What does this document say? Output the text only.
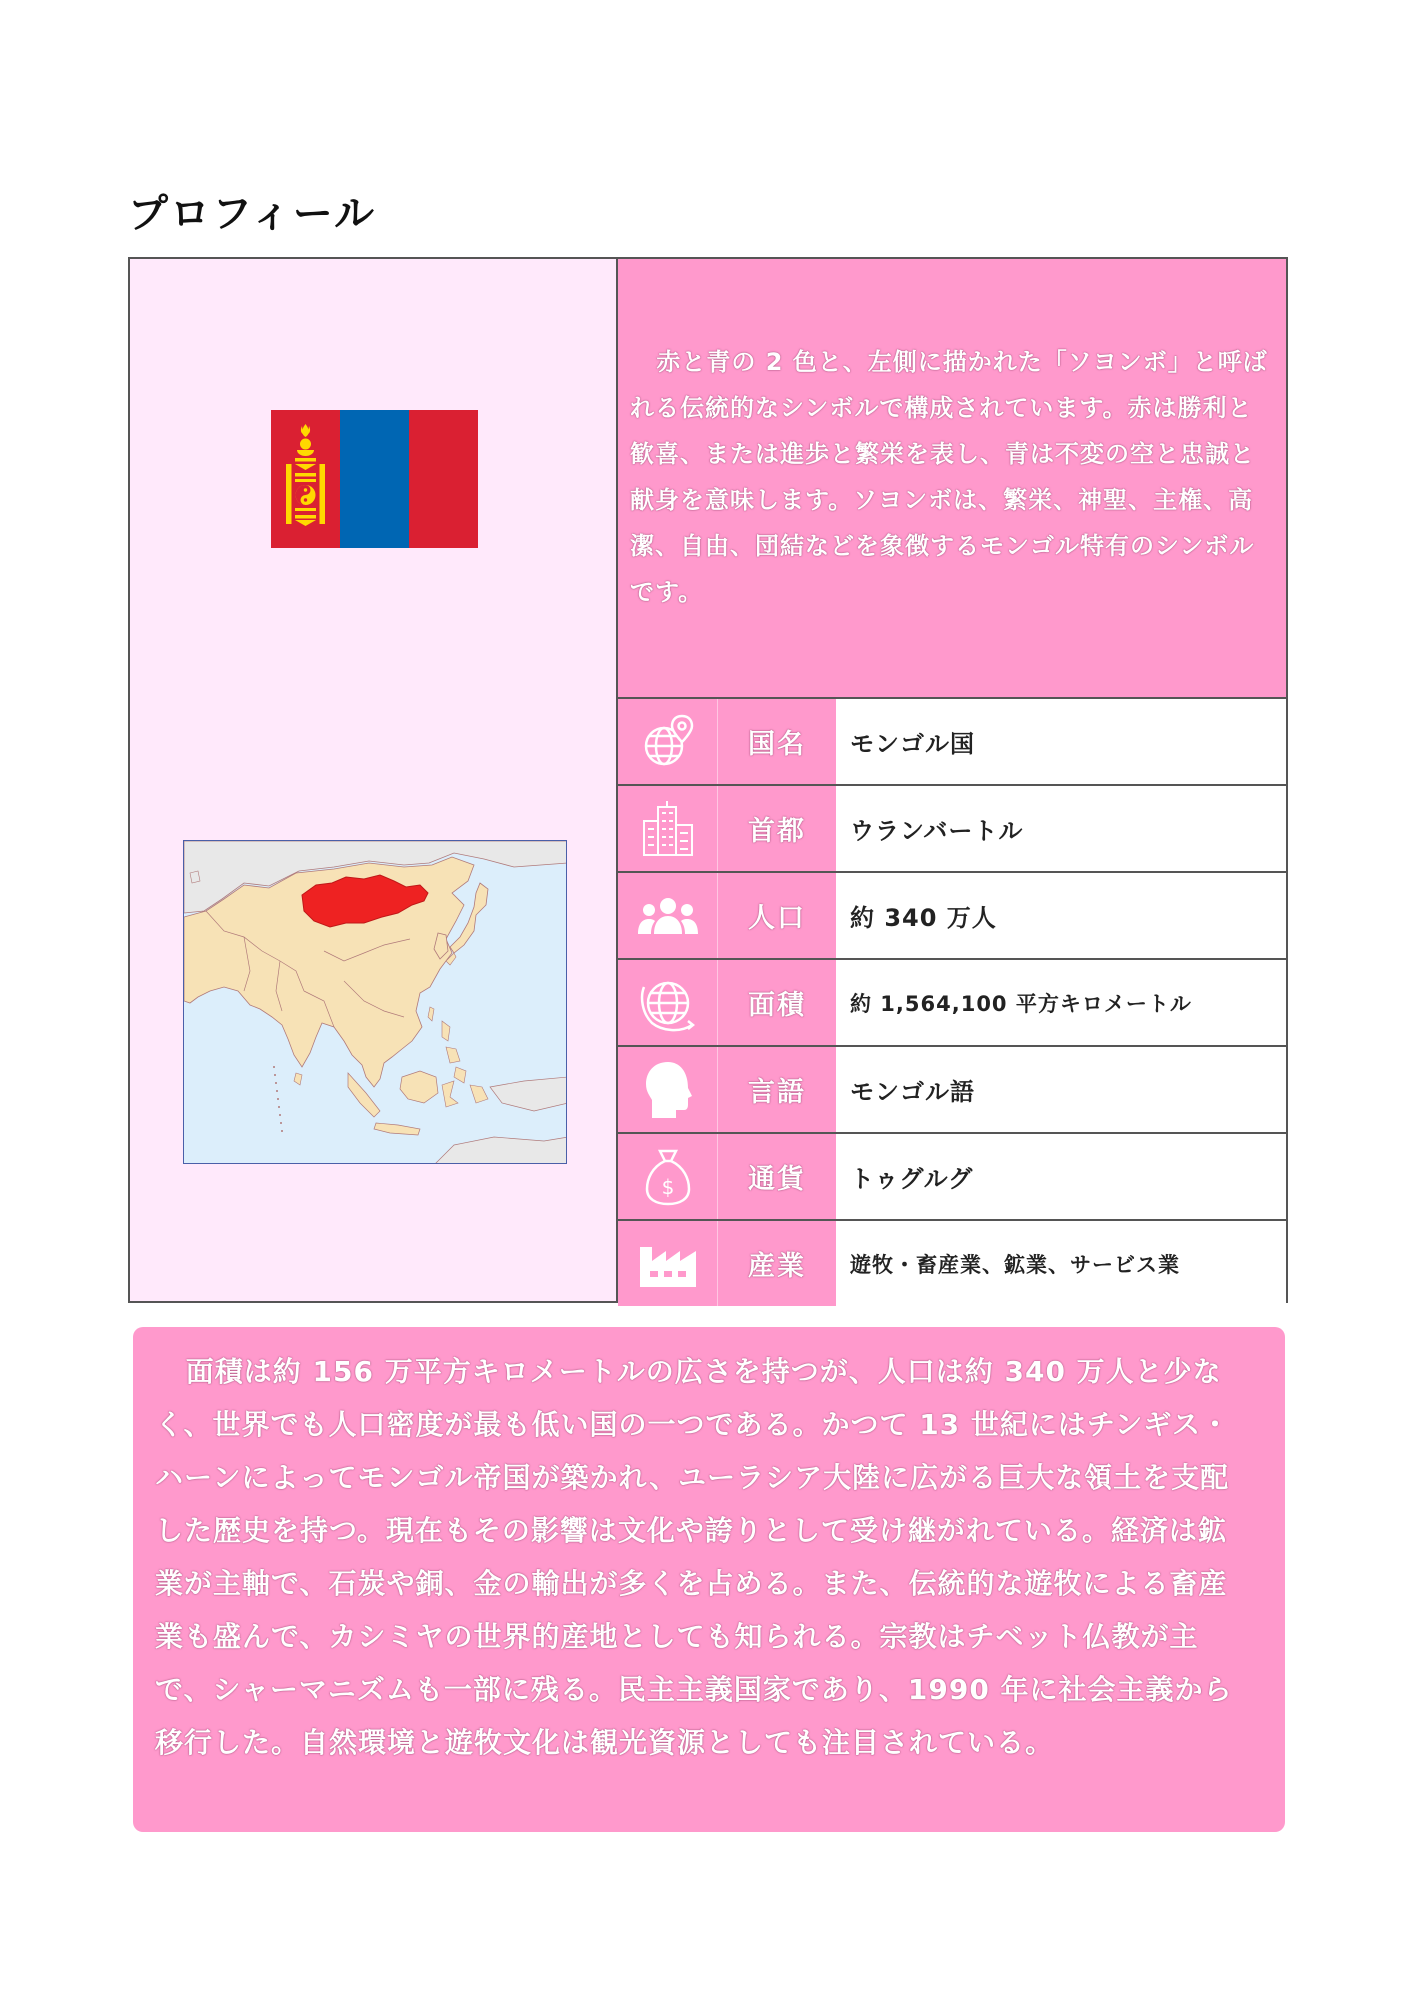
プロフィール

赤と青の 2 色と、左側に描かれた「ソヨンボ」と呼ばれる伝統的なシンボルで構成されています。赤は勝利と歓喜、または進歩と繁栄を表し、青は不変の空と忠誠と献身を意味します。ソヨンボは、繁栄、神聖、主権、高潔、自由、団結などを象徴するモンゴル特有のシンボルです。

国名	モンゴル国
首都	ウランバートル
人口	約 340 万人
面積	約 1,564,100 平方キロメートル
言語	モンゴル語
$	通貨	トゥグルグ
産業	遊牧・畜産業、鉱業、サービス業

面積は約 156 万平方キロメートルの広さを持つが、人口は約 340 万人と少なく、世界でも人口密度が最も低い国の一つである。かつて 13 世紀にはチンギス・ハーンによってモンゴル帝国が築かれ、ユーラシア大陸に広がる巨大な領土を支配した歴史を持つ。現在もその影響は文化や誇りとして受け継がれている。経済は鉱業が主軸で、石炭や銅、金の輸出が多くを占める。また、伝統的な遊牧による畜産業も盛んで、カシミヤの世界的産地としても知られる。宗教はチベット仏教が主で、シャーマニズムも一部に残る。民主主義国家であり、1990 年に社会主義から移行した。自然環境と遊牧文化は観光資源としても注目されている。
